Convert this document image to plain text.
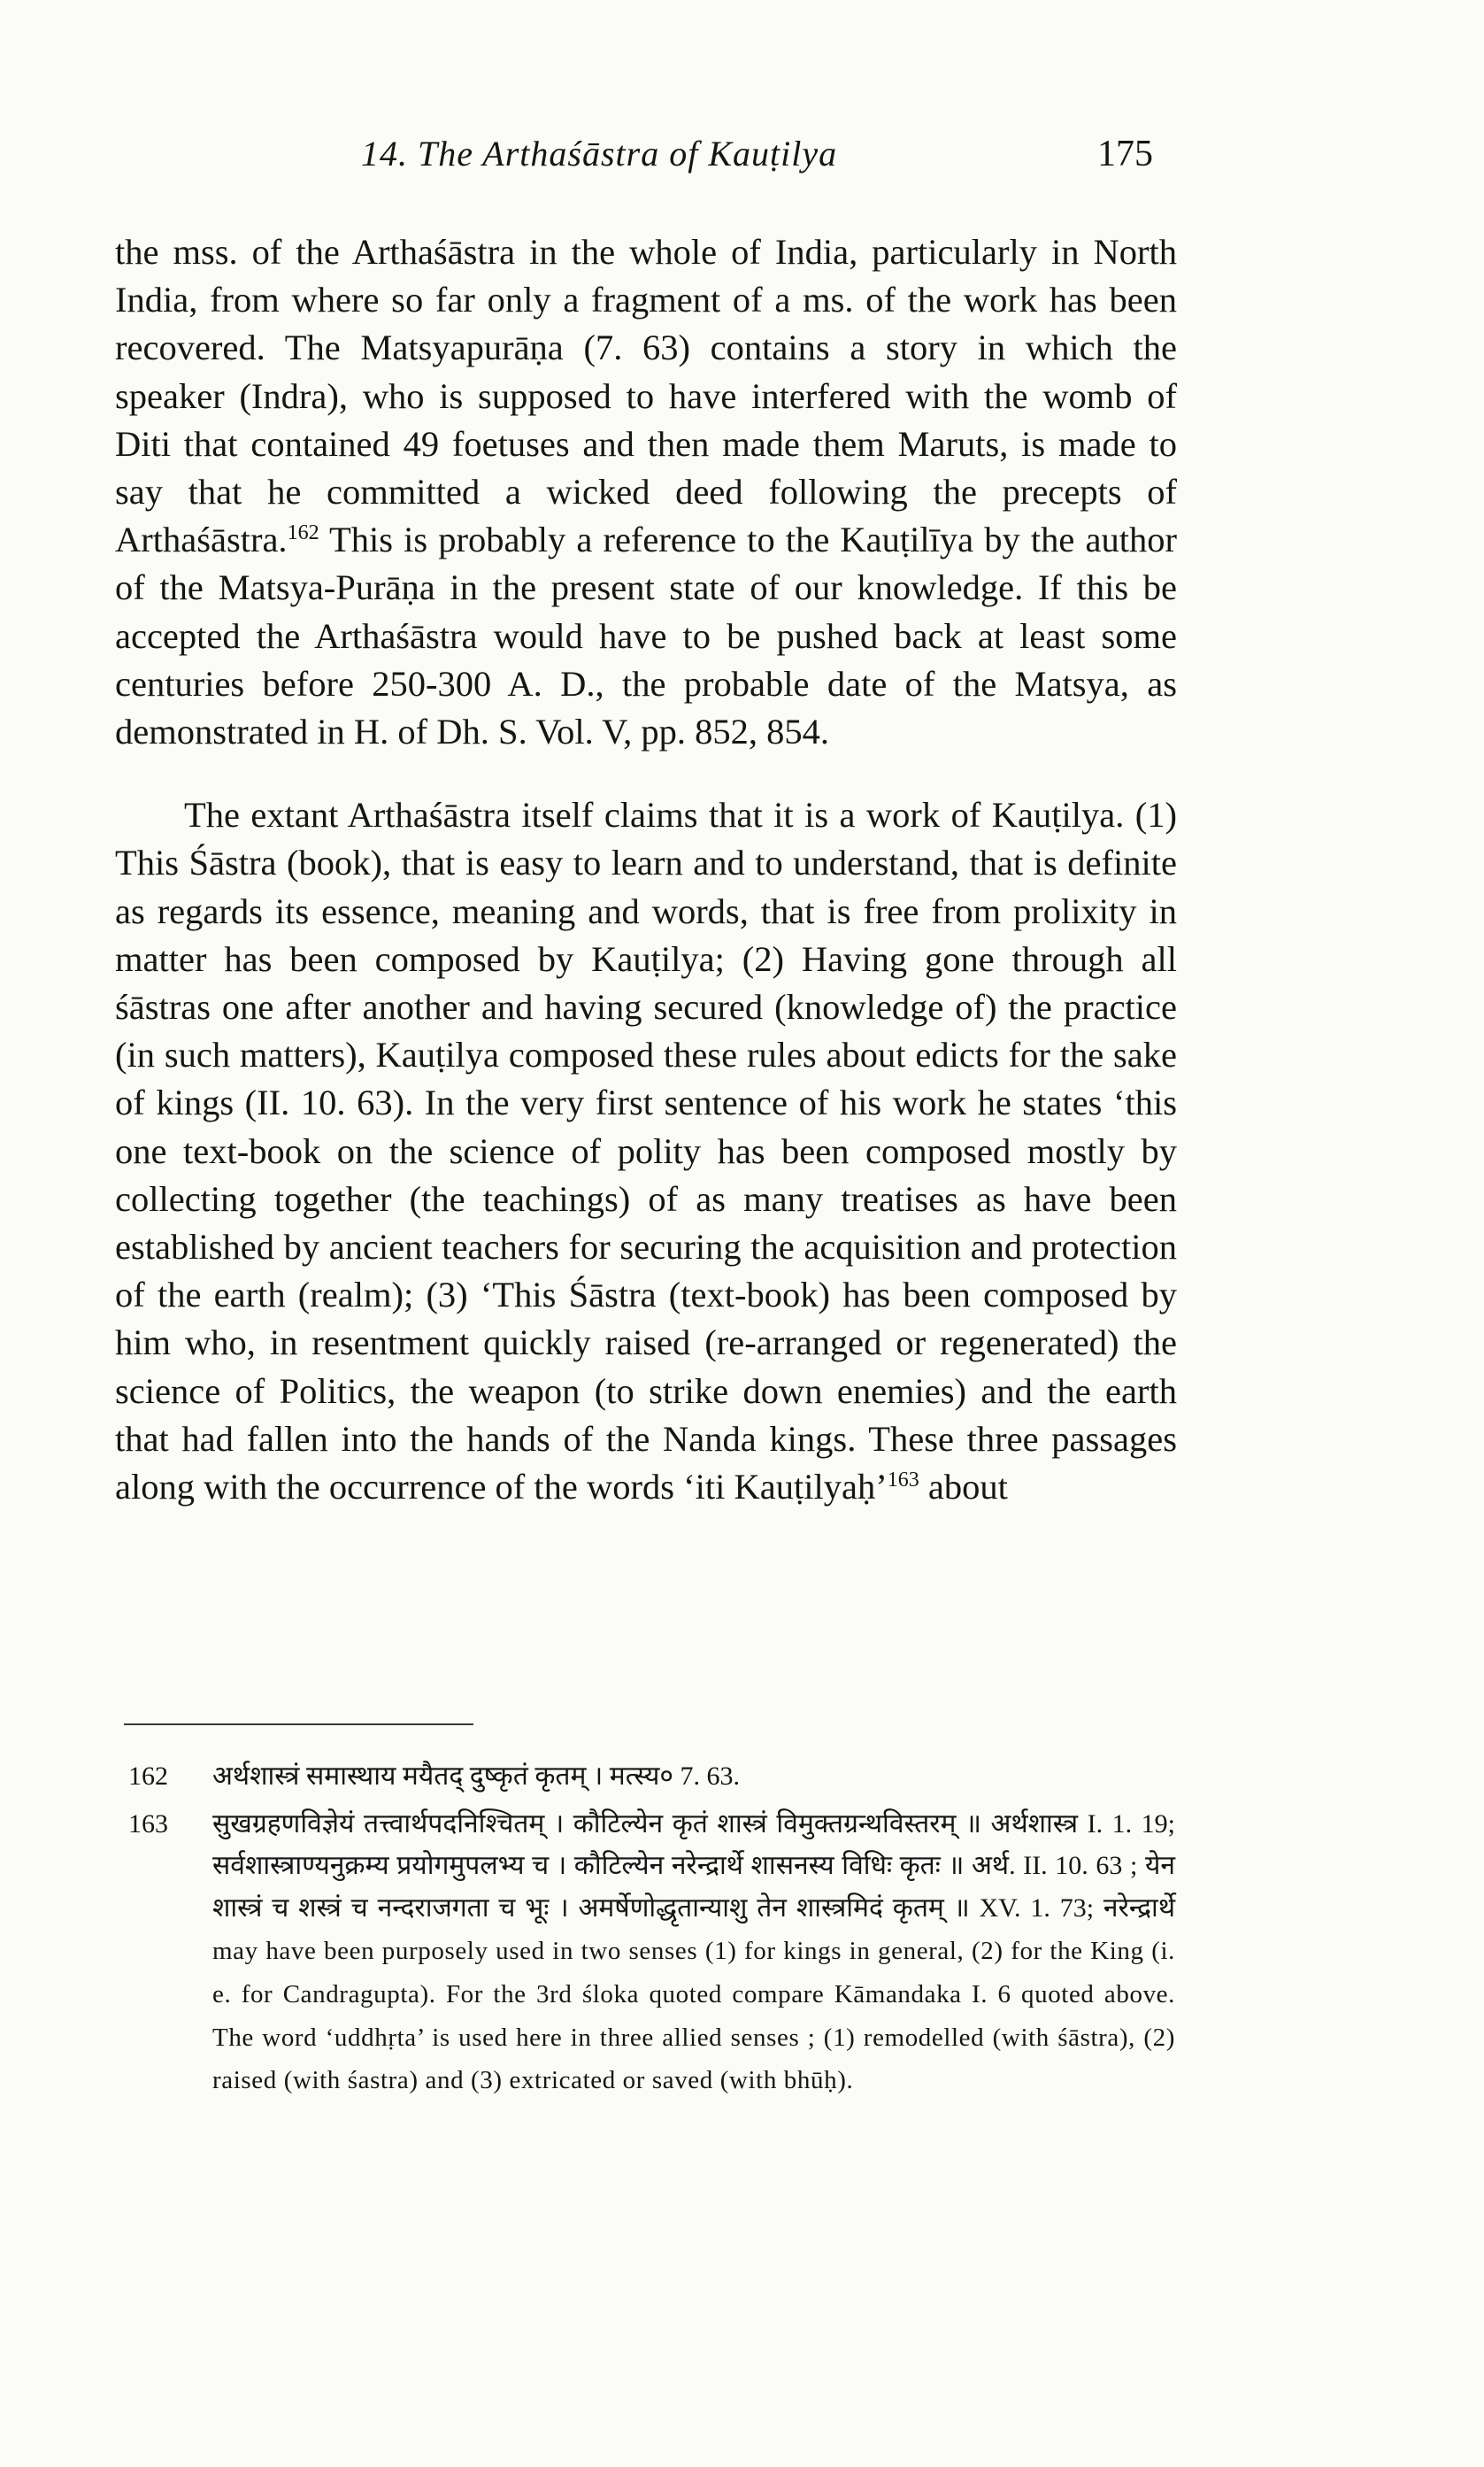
14. The Arthaśāstra of Kauṭilya	175

the mss. of the Arthaśāstra in the whole of India, particularly in North India, from where so far only a fragment of a ms. of the work has been recovered. The Matsyapurāṇa (7. 63) contains a story in which the speaker (Indra), who is supposed to have interfered with the womb of Diti that contained 49 foetuses and then made them Maruts, is made to say that he committed a wicked deed following the precepts of Arthaśāstra.$^{162}$ This is probably a reference to the Kauṭilīya by the author of the Matsya-Purāṇa in the present state of our knowledge. If this be accepted the Arthaśāstra would have to be pushed back at least some centuries before 250-300 A. D., the probable date of the Matsya, as demonstrated in H. of Dh. S. Vol. V, pp. 852, 854.

The extant Arthaśāstra itself claims that it is a work of Kauṭilya. (1) This Śāstra (book), that is easy to learn and to understand, that is definite as regards its essence, meaning and words, that is free from prolixity in matter has been composed by Kauṭilya; (2) Having gone through all śāstras one after another and having secured (knowledge of) the practice (in such matters), Kauṭilya composed these rules about edicts for the sake of kings (II. 10. 63). In the very first sentence of his work he states ‘this one text-book on the science of polity has been composed mostly by collecting together (the teachings) of as many treatises as have been established by ancient teachers for securing the acquisition and protection of the earth (realm); (3) ‘This Śāstra (text-book) has been composed by him who, in resentment quickly raised (re-arranged or regenerated) the science of Politics, the weapon (to strike down enemies) and the earth that had fallen into the hands of the Nanda kings. These three passages along with the occurrence of the words ‘iti Kauṭilyaḥ’$^{163}$ about

162	अर्थशास्त्रं समास्थाय मयैतद् दुष्कृतं कृतम् । मत्स्य० 7. 63.
163	सुखग्रहणविज्ञेयं तत्त्वार्थपदनिश्चितम् । कौटिल्येन कृतं शास्त्रं विमुक्तग्रन्थविस्तरम् ॥ अर्थशास्त्र I. 1. 19; सर्वशास्त्राण्यनुक्रम्य प्रयोगमुपलभ्य च । कौटिल्येन नरेन्द्रार्थे शासनस्य विधिः कृतः ॥ अर्थ. II. 10. 63 ; येन शास्त्रं च शस्त्रं च नन्दराजगता च भूः । अमर्षेणोद्धृतान्याशु तेन शास्त्रमिदं कृतम् ॥ XV. 1. 73; नरेन्द्रार्थे may have been purposely used in two senses (1) for kings in general, (2) for the King (i. e. for Candragupta). For the 3rd śloka quoted compare Kāmandaka I. 6 quoted above. The word ‘uddhṛta’ is used here in three allied senses ; (1) remodelled (with śāstra), (2) raised (with śastra) and (3) extricated or saved (with bhūḥ).
